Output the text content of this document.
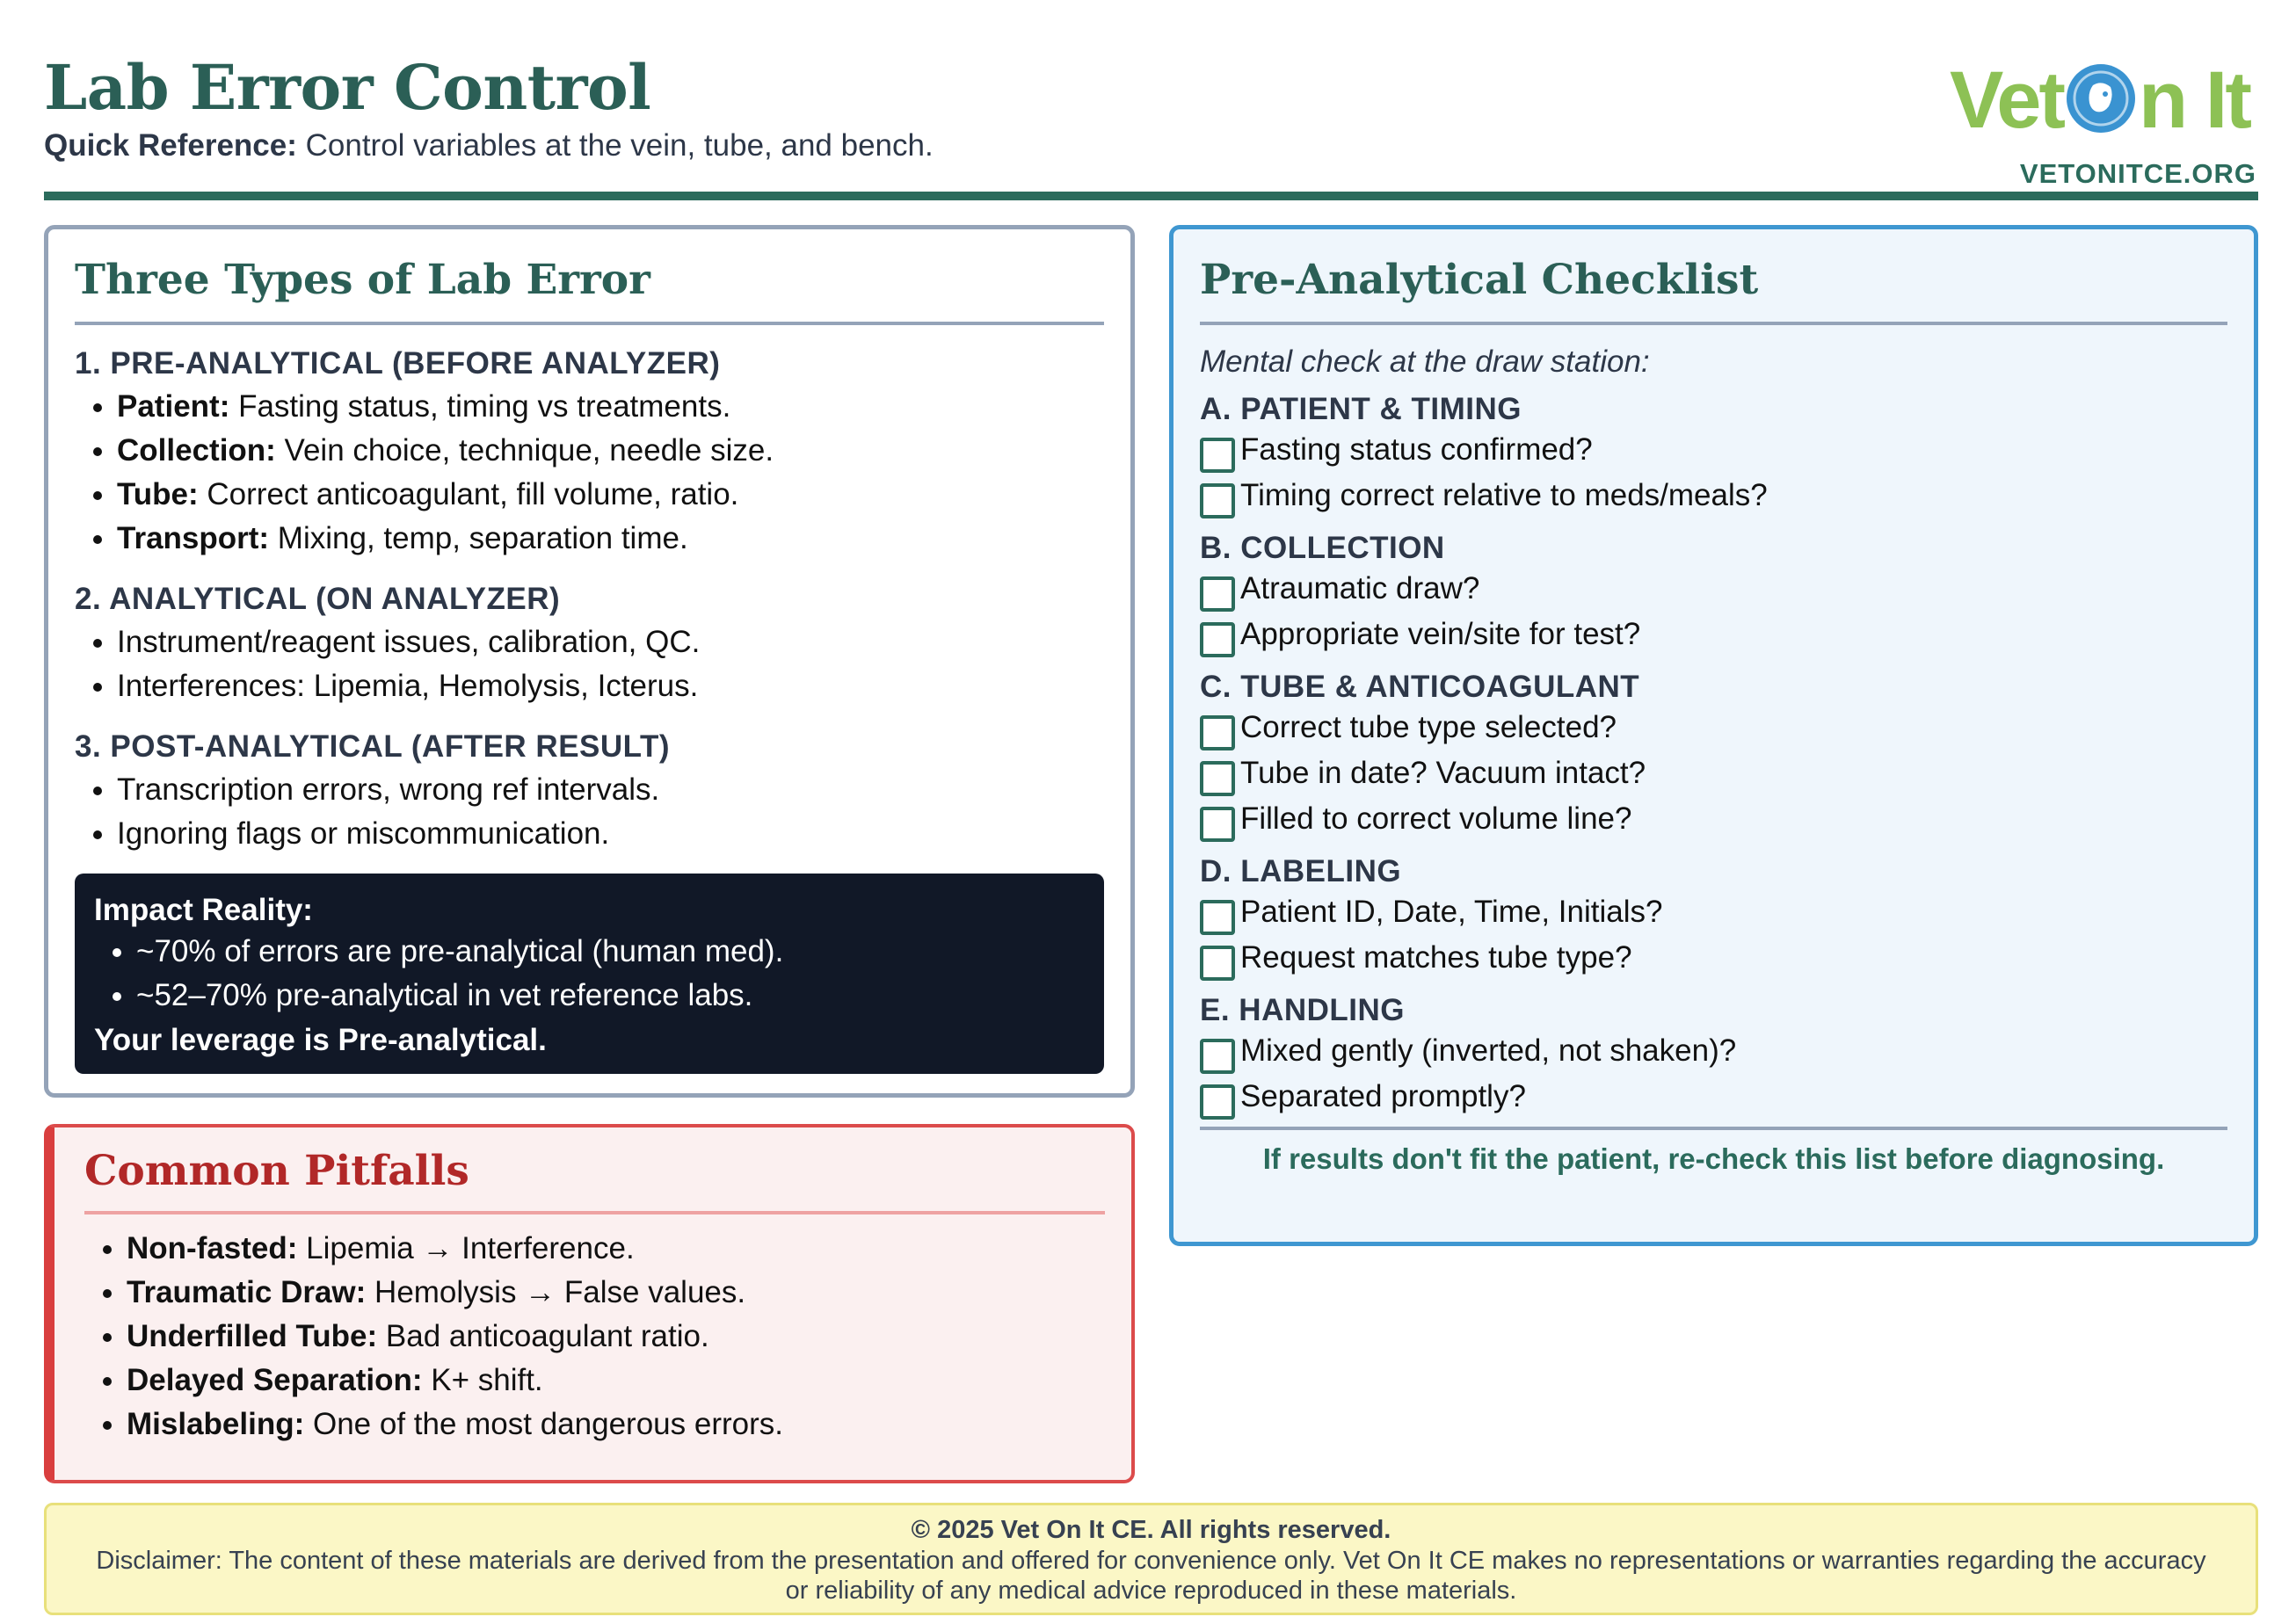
Lab Error Control
Quick Reference: Control variables at the vein, tube, and bench.
Vet n It
VETONITCE.ORG
Three Types of Lab Error
1. PRE-ANALYTICAL (BEFORE ANALYZER)
• Patient: Fasting status, timing vs treatments.
• Collection: Vein choice, technique, needle size.
• Tube: Correct anticoagulant, fill volume, ratio.
• Transport: Mixing, temp, separation time.
2. ANALYTICAL (ON ANALYZER)
• Instrument/reagent issues, calibration, QC.
• Interferences: Lipemia, Hemolysis, Icterus.
3. POST-ANALYTICAL (AFTER RESULT)
• Transcription errors, wrong ref intervals.
• Ignoring flags or miscommunication.
Impact Reality:
• ~70% of errors are pre-analytical (human med).
• ~52–70% pre-analytical in vet reference labs.
Your leverage is Pre-analytical.
Common Pitfalls
• Non-fasted: Lipemia → Interference.
• Traumatic Draw: Hemolysis → False values.
• Underfilled Tube: Bad anticoagulant ratio.
• Delayed Separation: K+ shift.
• Mislabeling: One of the most dangerous errors.
Pre-Analytical Checklist
Mental check at the draw station:
A. PATIENT & TIMING
Fasting status confirmed?
Timing correct relative to meds/meals?
B. COLLECTION
Atraumatic draw?
Appropriate vein/site for test?
C. TUBE & ANTICOAGULANT
Correct tube type selected?
Tube in date? Vacuum intact?
Filled to correct volume line?
D. LABELING
Patient ID, Date, Time, Initials?
Request matches tube type?
E. HANDLING
Mixed gently (inverted, not shaken)?
Separated promptly?
If results don't fit the patient, re-check this list before diagnosing.
© 2025 Vet On It CE. All rights reserved.
Disclaimer: The content of these materials are derived from the presentation and offered for convenience only. Vet On It CE makes no representations or warranties regarding the accuracy or reliability of any medical advice reproduced in these materials.
